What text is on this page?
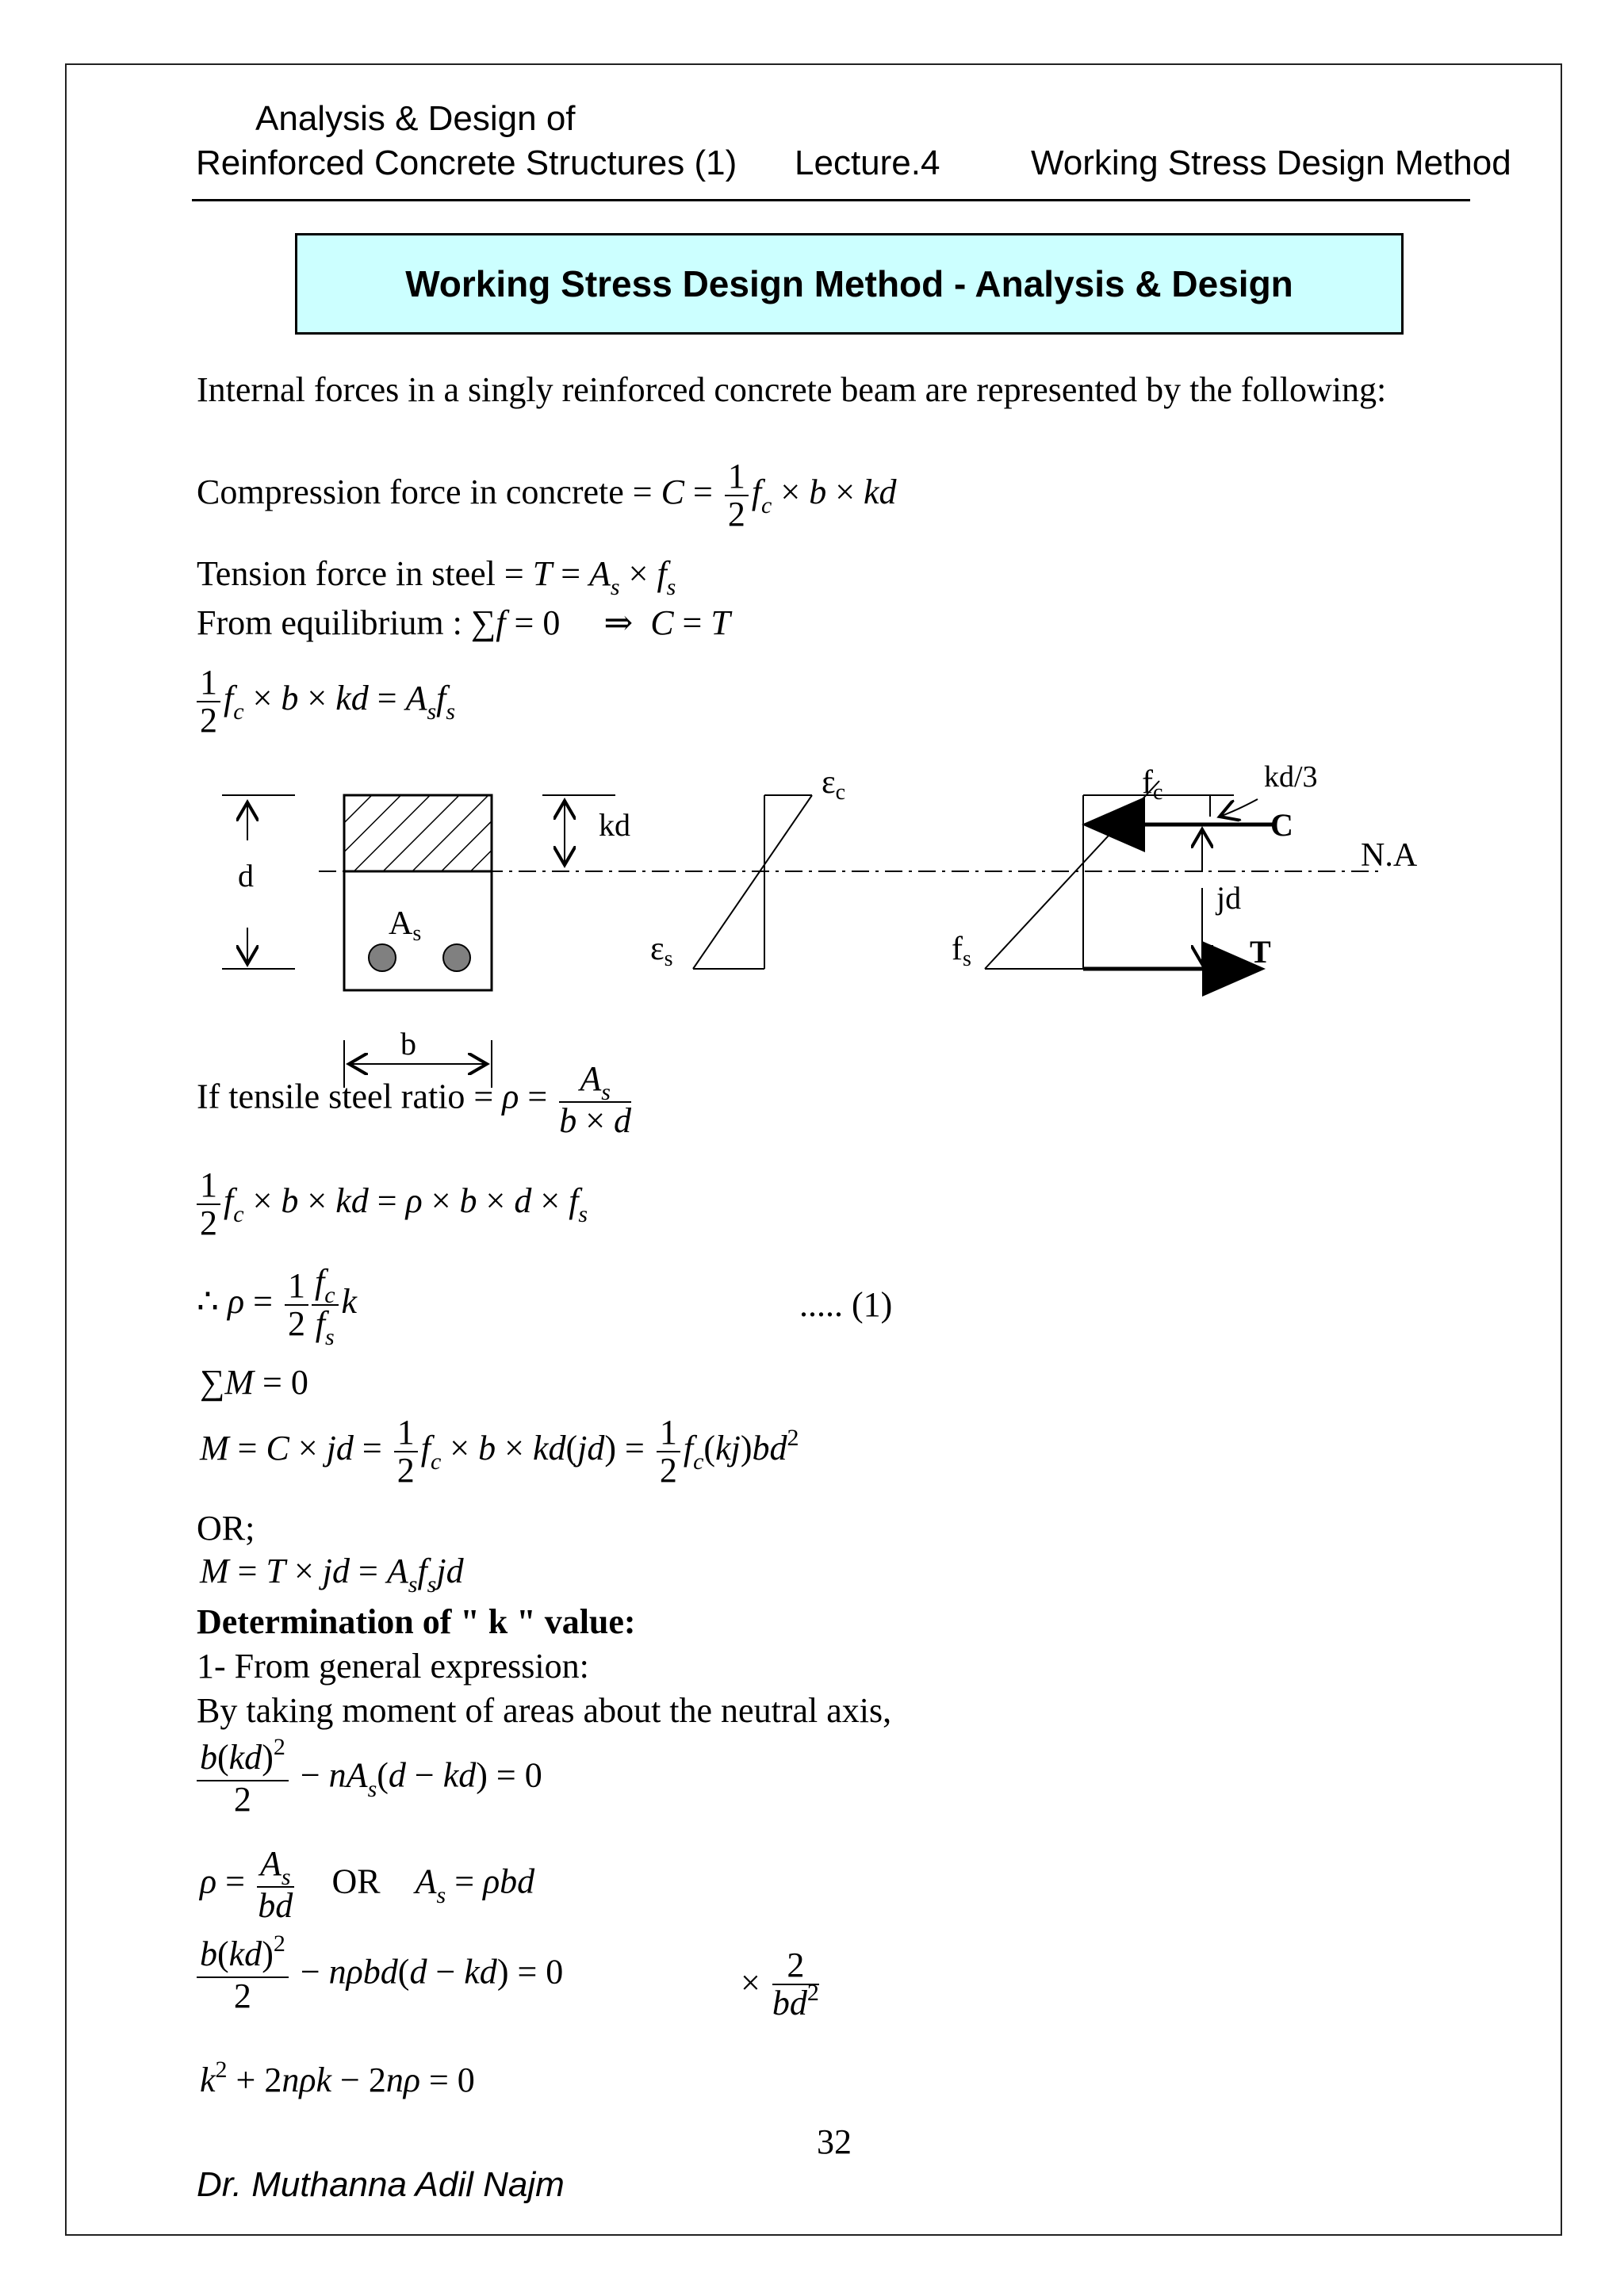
Analysis & Design of
Reinforced Concrete Structures (1) Lecture.4	Working Stress Design Method
Working Stress Design Method - Analysis & Design
Internal forces in a singly reinforced concrete beam are represented by the following:
Compression force in concrete = $C = \frac{1}{2} f_c \times b$ × kd
Tension force in steel = $T = A_s \times f_s$
From equilibrium : ∑f = 0     ⇒  C = T
$\frac{1}{2} f_c \times b$ × kd = $A_sf_s$
d
As
kd
b
N.A
εc
εs
fc
fs
kd/3
C
T
jd
If tensile steel ratio = $\rho = \frac{A_s}{b \times d}$
$\frac{1}{2} f_c \times b$ × kd = $\rho \times b \times d \times f_s$
∴ $\rho = \frac{1}{2} \frac{f_c}{f_s}$ k	..... (1)
∑M = 0
M = C × jd = $\frac{1}{2} f_c \times b \times kd(jd) = \frac{1}{2} f_c(kj)bd^2$
OR;
M = T × jd = $A_sf_sjd$
Determination of " k " value:
1- From general expression:
By taking moment of areas about the neutral axis,
$\frac{b(kd)^2}{2} - nA_s(d - kd) = 0$
$\rho = \frac{A_s}{bd}$ OR $A_s = \rho bd$
$\frac{b(kd)^2}{2} - n\rho bd(d - kd) = 0$	× $\frac{2}{bd^2}$
$k^2 + 2n\rho k - 2n\rho = 0$
32
Dr. Muthanna Adil Najm
